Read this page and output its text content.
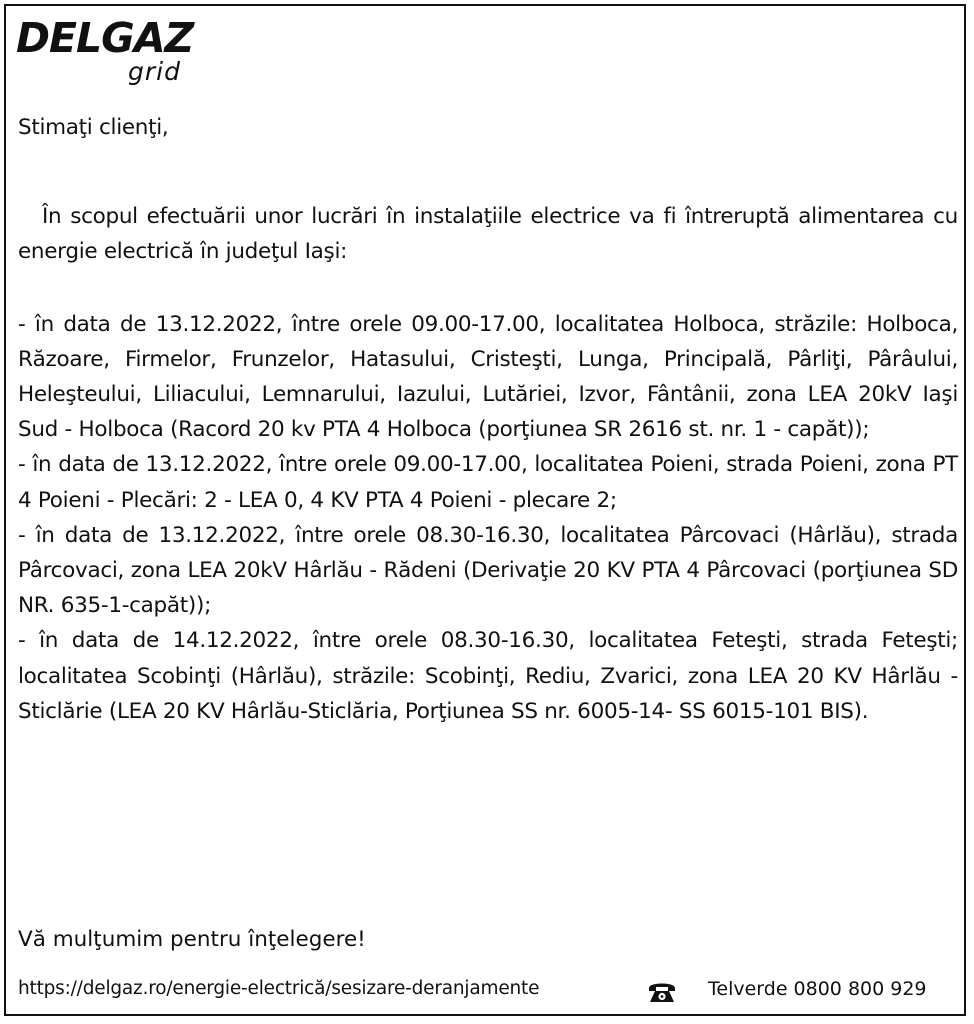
DELGAZ
grid

Stimaţi clienţi,

În scopul efectuării unor lucrări în instalaţiile electrice va fi întreruptă alimentarea cu energie electrică în judeţul Iaşi:

- în data de 13.12.2022, între orele 09.00-17.00, localitatea Holboca, străzile: Holboca, Răzoare, Firmelor, Frunzelor, Hatasului, Cristeşti, Lunga, Principală, Pârliţi, Pârâului, Heleşteului, Liliacului, Lemnarului, Iazului, Lutăriei, Izvor, Fântânii, zona LEA 20kV Iaşi Sud - Holboca (Racord 20 kv PTA 4 Holboca (porţiunea SR 2616 st. nr. 1 - capăt));

- în data de 13.12.2022, între orele 09.00-17.00, localitatea Poieni, strada Poieni, zona PT 4 Poieni - Plecări: 2 - LEA 0, 4 KV PTA 4 Poieni - plecare 2;

- în data de 13.12.2022, între orele 08.30-16.30, localitatea Pârcovaci (Hârlău), strada Pârcovaci, zona LEA 20kV Hârlău - Rădeni (Derivaţie 20 KV PTA 4 Pârcovaci (porţiunea SD NR. 635-1-capăt));

- în data de 14.12.2022, între orele 08.30-16.30, localitatea Feteşti, strada Feteşti; localitatea Scobinţi (Hârlău), străzile: Scobinţi, Rediu, Zvarici, zona LEA 20 KV Hârlău - Sticlărie (LEA 20 KV Hârlău-Sticlăria, Porţiunea SS nr. 6005-14- SS 6015-101 BIS).

Vă mulţumim pentru înţelegere!
https://delgaz.ro/energie-electrică/sesizare-deranjamente	Telverde 0800 800 929
